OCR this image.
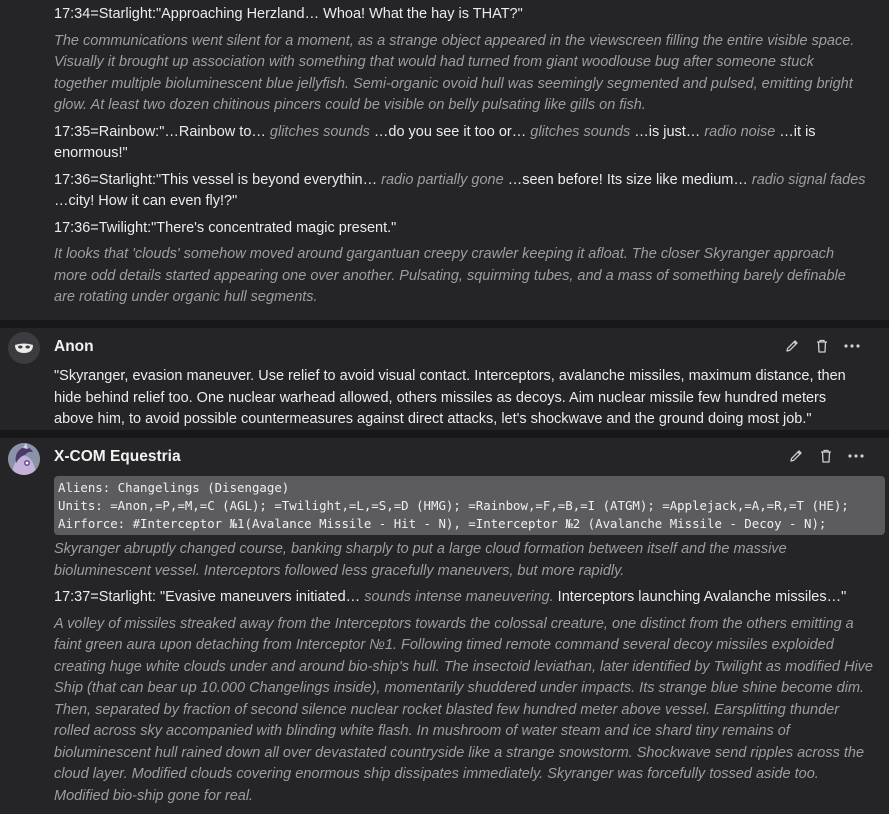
17:34=Starlight:"Approaching Herzland… Whoa! What the hay is THAT?"

The communications went silent for a moment, as a strange object appeared in the viewscreen filling the entire visible space. Visually it brought up association with something that would had turned from giant woodlouse bug after someone stuck together multiple bioluminescent blue jellyfish. Semi-organic ovoid hull was seemingly segmented and pulsed, emitting bright glow. At least two dozen chitinous pincers could be visible on belly pulsating like gills on fish.

17:35=Rainbow:"…Rainbow to… glitches sounds …do you see it too or… glitches sounds …is just… radio noise …it is enormous!"

17:36=Starlight:"This vessel is beyond everythin… radio partially gone …seen before! Its size like medium… radio signal fades …city! How it can even fly!?"

17:36=Twilight:"There's concentrated magic present."

It looks that 'clouds' somehow moved around gargantuan creepy crawler keeping it afloat. The closer Skyranger approach more odd details started appearing one over another. Pulsating, squirming tubes, and a mass of something barely definable are rotating under organic hull segments.

Anon

"Skyranger, evasion maneuver. Use relief to avoid visual contact. Interceptors, avalanche missiles, maximum distance, then hide behind relief too. One nuclear warhead allowed, others missiles as decoys. Aim nuclear missile few hundred meters above him, to avoid possible countermeasures against direct attacks, let's shockwave and the ground doing most job."

X-COM Equestria
Aliens: Changelings (Disengage)
Units: =Anon,=P,=M,=C (AGL); =Twilight,=L,=S,=D (HMG); =Rainbow,=F,=B,=I (ATGM); =Applejack,=A,=R,=T (HE);
Airforce: #Interceptor №1(Avalance Missile - Hit - N), =Interceptor №2 (Avalanche Missile - Decoy - N);

Skyranger abruptly changed course, banking sharply to put a large cloud formation between itself and the massive bioluminescent vessel. Interceptors followed less gracefully maneuvers, but more rapidly.

17:37=Starlight: "Evasive maneuvers initiated… sounds intense maneuvering. Interceptors launching Avalanche missiles…"

A volley of missiles streaked away from the Interceptors towards the colossal creature, one distinct from the others emitting a faint green aura upon detaching from Interceptor №1. Following timed remote command several decoy missiles exploided creating huge white clouds under and around bio-ship's hull. The insectoid leviathan, later identified by Twilight as modified Hive Ship (that can bear up 10.000 Changelings inside), momentarily shuddered under impacts. Its strange blue shine become dim. Then, separated by fraction of second silence nuclear rocket blasted few hundred meter above vessel. Earsplitting thunder rolled across sky accompanied with blinding white flash. In mushroom of water steam and ice shard tiny remains of bioluminescent hull rained down all over devastated countryside like a strange snowstorm. Shockwave send ripples across the cloud layer. Modified clouds covering enormous ship dissipates immediately. Skyranger was forcefully tossed aside too. Modified bio-ship gone for real.
